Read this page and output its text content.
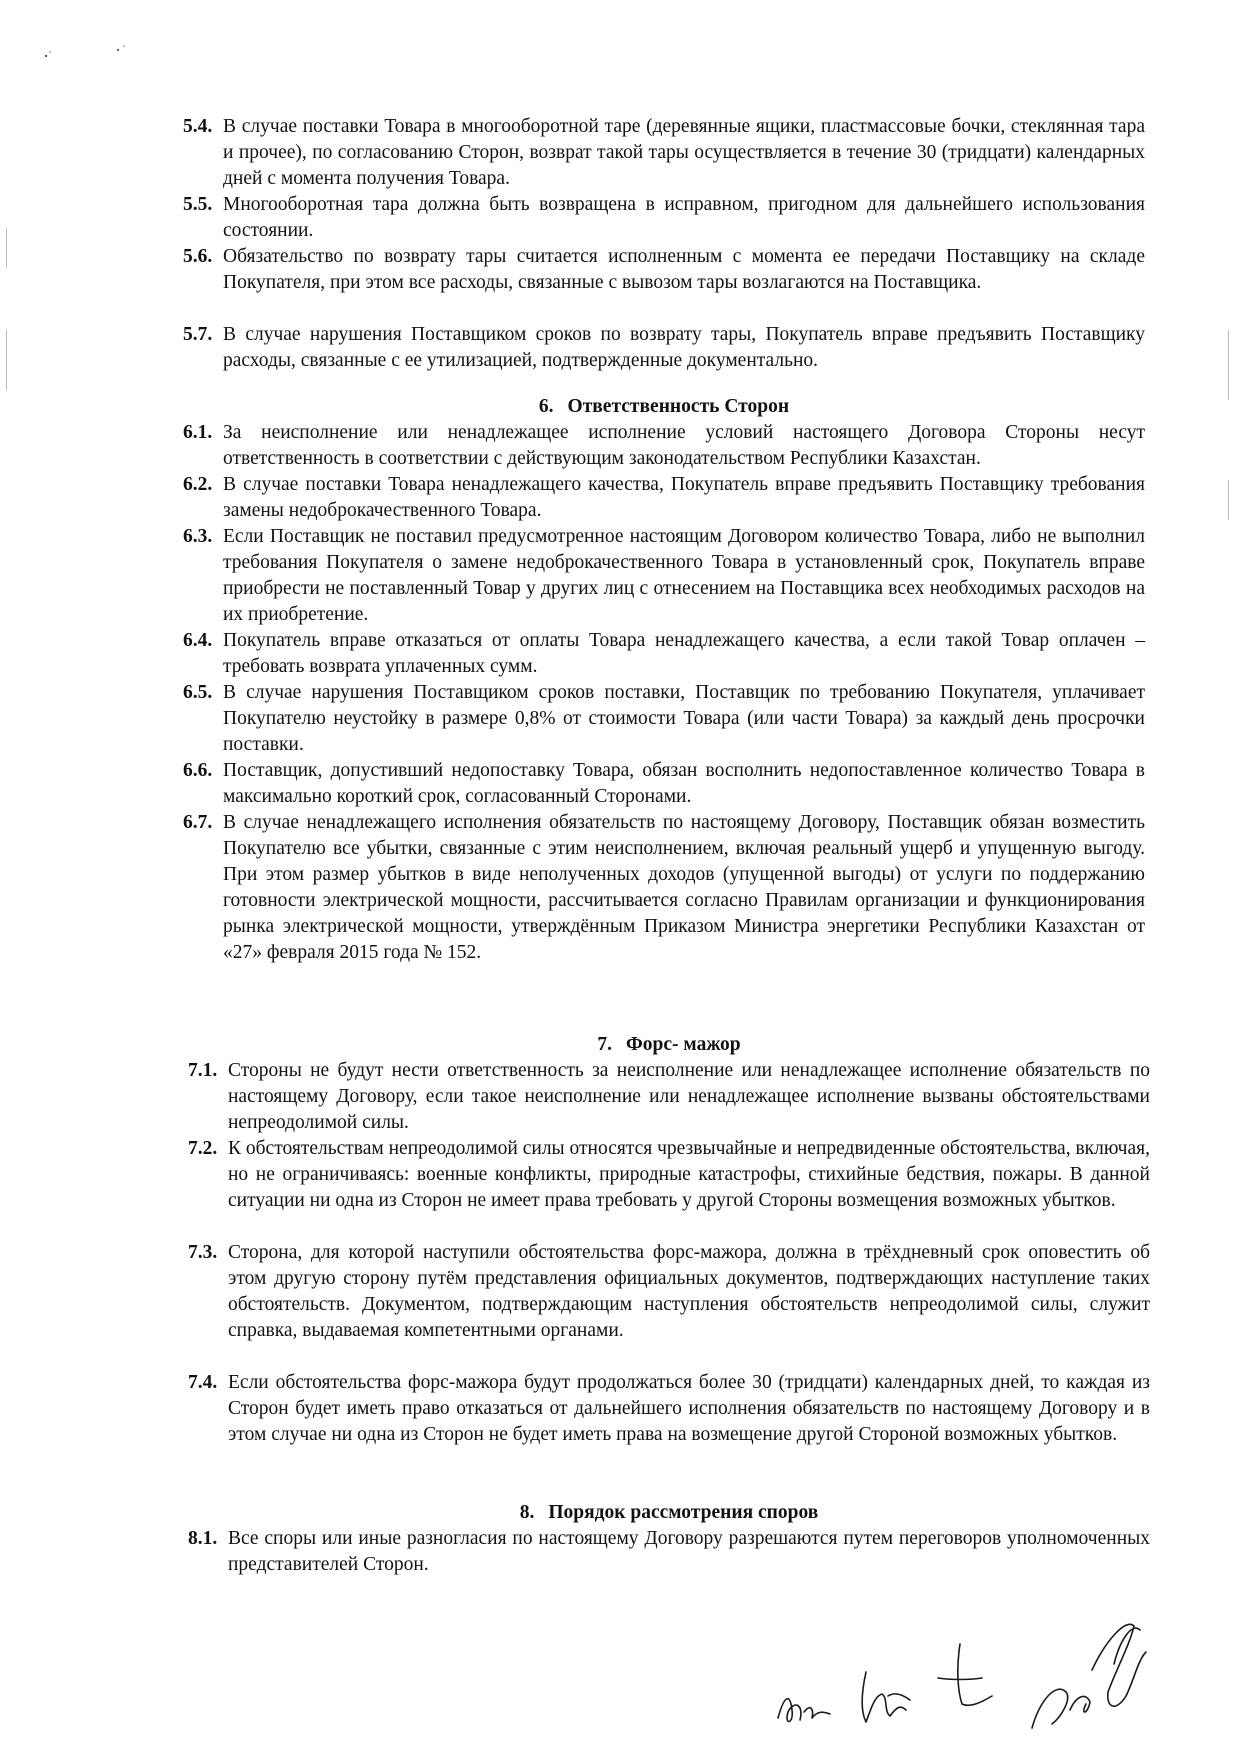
5.4. В случае поставки Товара в многооборотной таре (деревянные ящики, пластмассовые бочки, стеклянная тара и прочее), по согласованию Сторон, возврат такой тары осуществляется в течение 30 (тридцати) календарных дней с момента получения Товара.
5.5. Многооборотная тара должна быть возвращена в исправном, пригодном для дальнейшего использования состоянии.
5.6. Обязательство по возврату тары считается исполненным с момента ее передачи Поставщику на складе Покупателя, при этом все расходы, связанные с вывозом тары возлагаются на Поставщика.
5.7. В случае нарушения Поставщиком сроков по возврату тары, Покупатель вправе предъявить Поставщику расходы, связанные с ее утилизацией, подтвержденные документально.
6. Ответственность Сторон
6.1. За неисполнение или ненадлежащее исполнение условий настоящего Договора Стороны несут ответственность в соответствии с действующим законодательством Республики Казахстан.
6.2. В случае поставки Товара ненадлежащего качества, Покупатель вправе предъявить Поставщику требования замены недоброкачественного Товара.
6.3. Если Поставщик не поставил предусмотренное настоящим Договором количество Товара, либо не выполнил требования Покупателя о замене недоброкачественного Товара в установленный срок, Покупатель вправе приобрести не поставленный Товар у других лиц с отнесением на Поставщика всех необходимых расходов на их приобретение.
6.4. Покупатель вправе отказаться от оплаты Товара ненадлежащего качества, а если такой Товар оплачен – требовать возврата уплаченных сумм.
6.5. В случае нарушения Поставщиком сроков поставки, Поставщик по требованию Покупателя, уплачивает Покупателю неустойку в размере 0,8% от стоимости Товара (или части Товара) за каждый день просрочки поставки.
6.6. Поставщик, допустивший недопоставку Товара, обязан восполнить недопоставленное количество Товара в максимально короткий срок, согласованный Сторонами.
6.7. В случае ненадлежащего исполнения обязательств по настоящему Договору, Поставщик обязан возместить Покупателю все убытки, связанные с этим неисполнением, включая реальный ущерб и упущенную выгоду. При этом размер убытков в виде неполученных доходов (упущенной выгоды) от услуги по поддержанию готовности электрической мощности, рассчитывается согласно Правилам организации и функционирования рынка электрической мощности, утверждённым Приказом Министра энергетики Республики Казахстан от «27» февраля 2015 года № 152.
7. Форс- мажор
7.1. Стороны не будут нести ответственность за неисполнение или ненадлежащее исполнение обязательств по настоящему Договору, если такое неисполнение или ненадлежащее исполнение вызваны обстоятельствами непреодолимой силы.
7.2. К обстоятельствам непреодолимой силы относятся чрезвычайные и непредвиденные обстоятельства, включая, но не ограничиваясь: военные конфликты, природные катастрофы, стихийные бедствия, пожары. В данной ситуации ни одна из Сторон не имеет права требовать у другой Стороны возмещения возможных убытков.
7.3. Сторона, для которой наступили обстоятельства форс-мажора, должна в трёхдневный срок оповестить об этом другую сторону путём представления официальных документов, подтверждающих наступление таких обстоятельств. Документом, подтверждающим наступления обстоятельств непреодолимой силы, служит справка, выдаваемая компетентными органами.
7.4. Если обстоятельства форс-мажора будут продолжаться более 30 (тридцати) календарных дней, то каждая из Сторон будет иметь право отказаться от дальнейшего исполнения обязательств по настоящему Договору и в этом случае ни одна из Сторон не будет иметь права на возмещение другой Стороной возможных убытков.
8. Порядок рассмотрения споров
8.1. Все споры или иные разногласия по настоящему Договору разрешаются путем переговоров уполномоченных представителей Сторон.
